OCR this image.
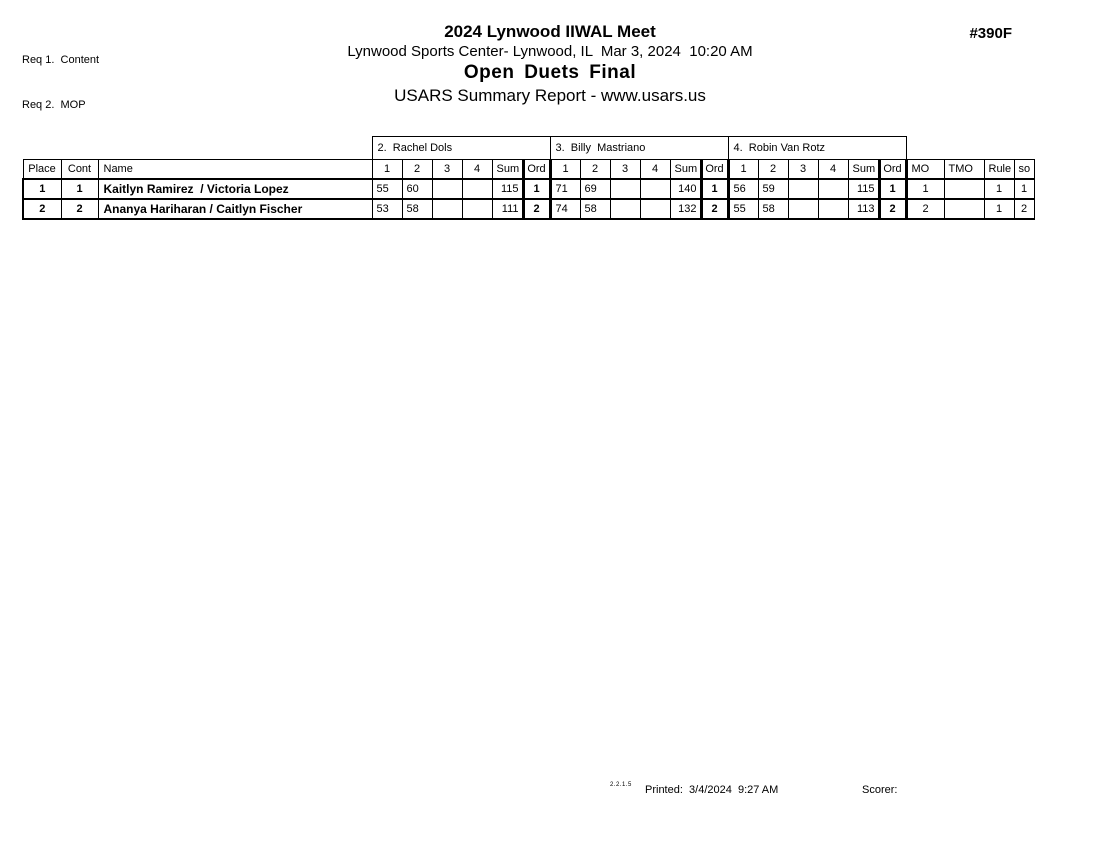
Req 1.  Content

Req 2.  MOP

2024 Lynwood IIWAL Meet
Lynwood Sports Center- Lynwood, IL  Mar 3, 2024  10:20 AM
Open Duets Final
USARS Summary Report - www.usars.us
#390F
			2.  Rachel Dols						3.  Billy  Mastriano						4.  Robin Van Rotz									
Place	Cont	Name	1	2	3	4	Sum	Ord	1	2	3	4	Sum	Ord	1	2	3	4	Sum	Ord	MO	TMO	Rule	so
1	1	Kaitlyn Ramirez  / Victoria Lopez	55	60			115	1	71	69			140	1	56	59			115	1	1		1	1
2	2	Ananya Hariharan / Caitlyn Fischer	53	58			111	2	74	58			132	2	55	58			113	2	2		1	2
2.2.1.5 Printed:  3/4/2024  9:27 AM	Scorer:
